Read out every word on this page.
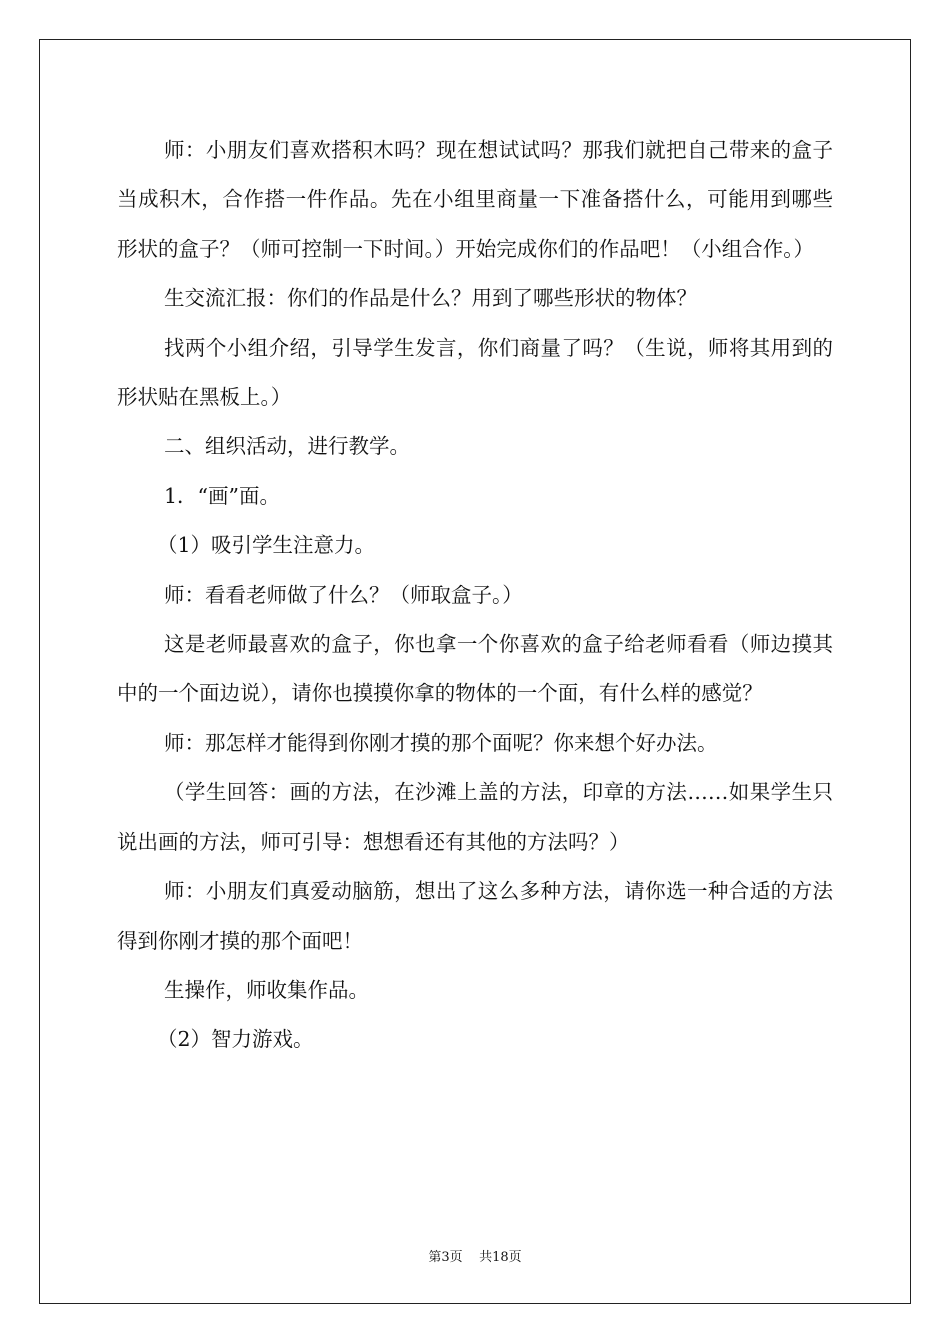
师：小朋友们喜欢搭积木吗？现在想试试吗？那我们就把自己带来的盒子当成积木，合作搭一件作品。先在小组里商量一下准备搭什么，可能用到哪些形状的盒子？（师可控制一下时间。）开始完成你们的作品吧！（小组合作。）

生交流汇报：你们的作品是什么？用到了哪些形状的物体？

找两个小组介绍，引导学生发言，你们商量了吗？（生说，师将其用到的形状贴在黑板上。）

二、组织活动，进行教学。

1．“画”面。

（1）吸引学生注意力。

师：看看老师做了什么？（师取盒子。）

这是老师最喜欢的盒子，你也拿一个你喜欢的盒子给老师看看（师边摸其中的一个面边说），请你也摸摸你拿的物体的一个面，有什么样的感觉？

师：那怎样才能得到你刚才摸的那个面呢？你来想个好办法。

（学生回答：画的方法，在沙滩上盖的方法，印章的方法……如果学生只说出画的方法，师可引导：想想看还有其他的方法吗？）

师：小朋友们真爱动脑筋，想出了这么多种方法，请你选一种合适的方法得到你刚才摸的那个面吧！

生操作，师收集作品。

（2）智力游戏。

第3页 共18页
